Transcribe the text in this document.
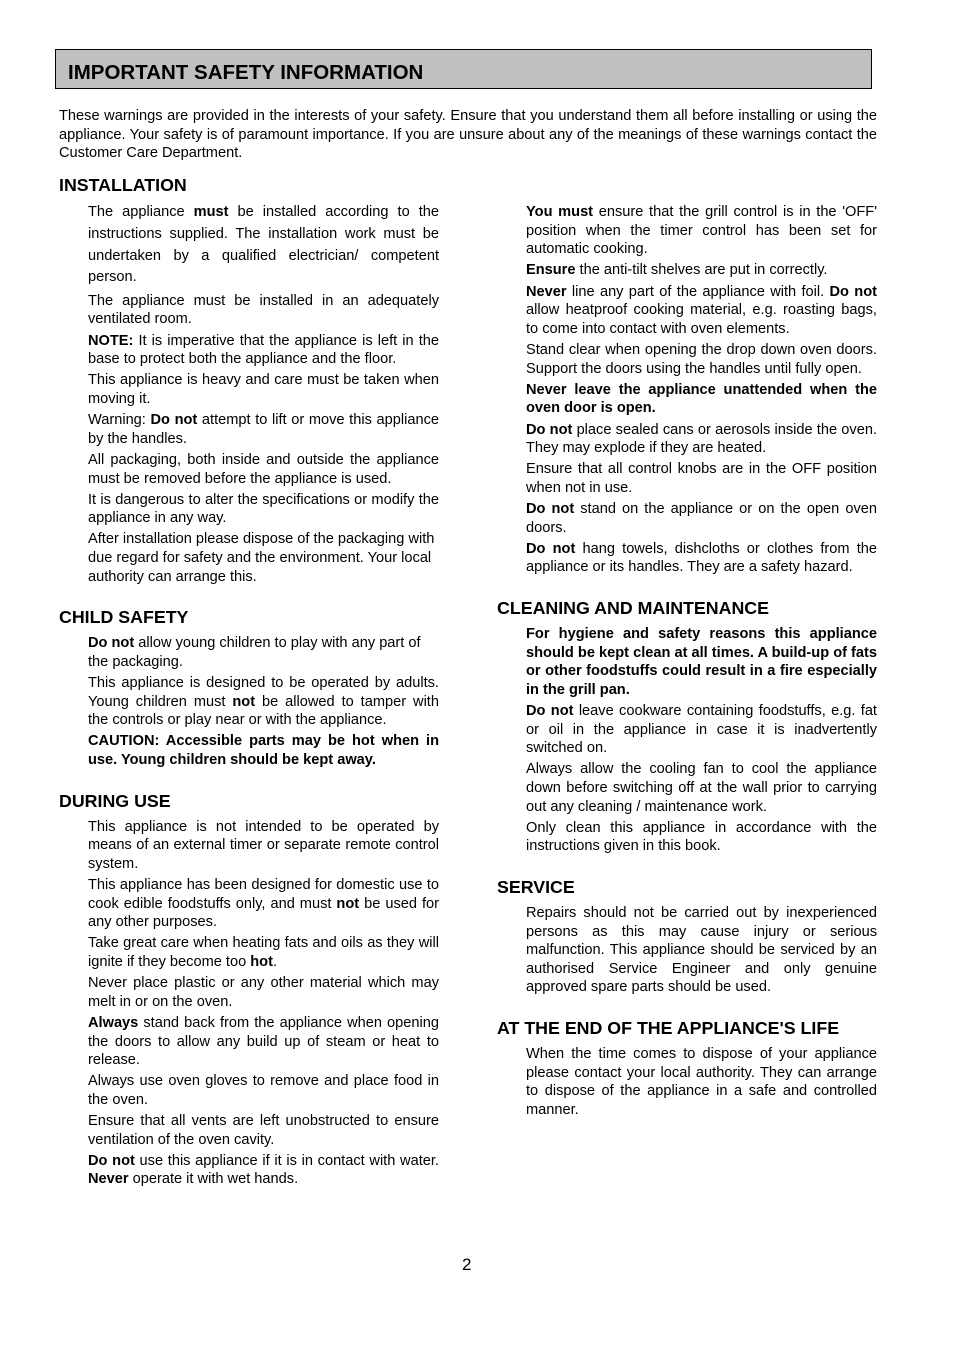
IMPORTANT SAFETY INFORMATION

These warnings are provided in the interests of your safety. Ensure that you understand them all before installing or using the appliance. Your safety is of paramount importance. If you are unsure about any of the meanings of these warnings contact the Customer Care Department.

INSTALLATION

The appliance must be installed according to the instructions supplied. The installation work must be undertaken by a qualified electrician/ competent person.

The appliance must be installed in an adequately ventilated room.

NOTE: It is imperative that the appliance is left in the base to protect both the appliance and the floor.

This appliance is heavy and care must be taken when moving it.

Warning: Do not attempt to lift or move this appliance by the handles.

All packaging, both inside and outside the appliance must be removed before the appliance is used.

It is dangerous to alter the specifications or modify the appliance in any way.

After installation please dispose of the packaging with due regard for safety and the environment. Your local authority can arrange this.

CHILD SAFETY

Do not allow young children to play with any part of the packaging.

This appliance is designed to be operated by adults. Young children must not be allowed to tamper with the controls or play near or with the appliance.

CAUTION: Accessible parts may be hot when in use. Young children should be kept away.

DURING USE

This appliance is not intended to be operated by means of an external timer or separate remote control system.

This appliance has been designed for domestic use to cook edible foodstuffs only, and must not be used for any other purposes.

Take great care when heating fats and oils as they will ignite if they become too hot.

Never place plastic or any other material which may melt in or on the oven.

Always stand back from the appliance when opening the doors to allow any build up of steam or heat to release.

Always use oven gloves to remove and place food in the oven.

Ensure that all vents are left unobstructed to ensure ventilation of the oven cavity.

Do not use this appliance if it is in contact with water. Never operate it with wet hands.

You must ensure that the grill control is in the 'OFF' position when the timer control has been set for automatic cooking.

Ensure the anti-tilt shelves are put in correctly.

Never line any part of the appliance with foil. Do not allow heatproof cooking material, e.g. roasting bags, to come into contact with oven elements.

Stand clear when opening the drop down oven doors. Support the doors using the handles until fully open.

Never leave the appliance unattended when the oven door is open.

Do not place sealed cans or aerosols inside the oven. They may explode if they are heated.

Ensure that all control knobs are in the OFF position when not in use.

Do not stand on the appliance or on the open oven doors.

Do not hang towels, dishcloths or clothes from the appliance or its handles. They are a safety hazard.

CLEANING AND MAINTENANCE

For hygiene and safety reasons this appliance should be kept clean at all times. A build-up of fats or other foodstuffs could result in a fire especially in the grill pan.

Do not leave cookware containing foodstuffs, e.g. fat or oil in the appliance in case it is inadvertently switched on.

Always allow the cooling fan to cool the appliance down before switching off at the wall prior to carrying out any cleaning / maintenance work.

Only clean this appliance in accordance with the instructions given in this book.

SERVICE

Repairs should not be carried out by inexperienced persons as this may cause injury or serious malfunction. This appliance should be serviced by an authorised Service Engineer and only genuine approved spare parts should be used.

AT THE END OF THE APPLIANCE'S LIFE

When the time comes to dispose of your appliance please contact your local authority. They can arrange to dispose of the appliance in a safe and controlled manner.

2
